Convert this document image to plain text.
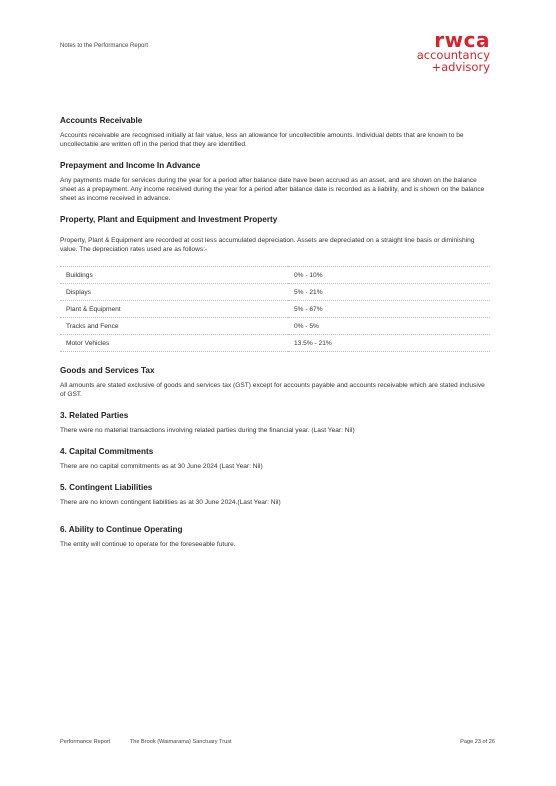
Notes to the Performance Report	rwca
accountancy
+advisory
Accounts Receivable

Accounts receivable are recognised initially at fair value, less an allowance for uncollectible amounts. Individual debts that are known to be uncollectable are written off in the period that they are identified.

Prepayment and Income In Advance

Any payments made for services during the year for a period after balance date have been accrued as an asset, and are shown on the balance sheet as a prepayment. Any income received during the year for a period after balance date is recorded as a liability, and is shown on the balance sheet as income received in advance.

Property, Plant and Equipment and Investment Property

Property, Plant & Equipment are recorded at cost less accumulated depreciation. Assets are depreciated on a straight line basis or diminishing value. The depreciation rates used are as follows:-

Buildings	0% - 10%
Displays	5% - 21%
Plant & Equipment	5% - 67%
Tracks and Fence	0% - 5%
Motor Vehicles	13.5% - 21%
Goods and Services Tax

All amounts are stated exclusive of goods and services tax (GST) except for accounts payable and accounts receivable which are stated inclusive of GST.

3. Related Parties

There were no material transactions involving related parties during the financial year. (Last Year: Nil)

4. Capital Commitments

There are no capital commitments as at 30 June 2024 (Last Year: Nil)

5. Contingent Liabilities

There are no known contingent liabilities as at 30 June 2024.(Last Year: Nil)

6. Ability to Continue Operating

The entity will continue to operate for the foreseeable future.

Performance Report	The Brook (Waimarama) Sanctuary Trust	Page 23 of 26
